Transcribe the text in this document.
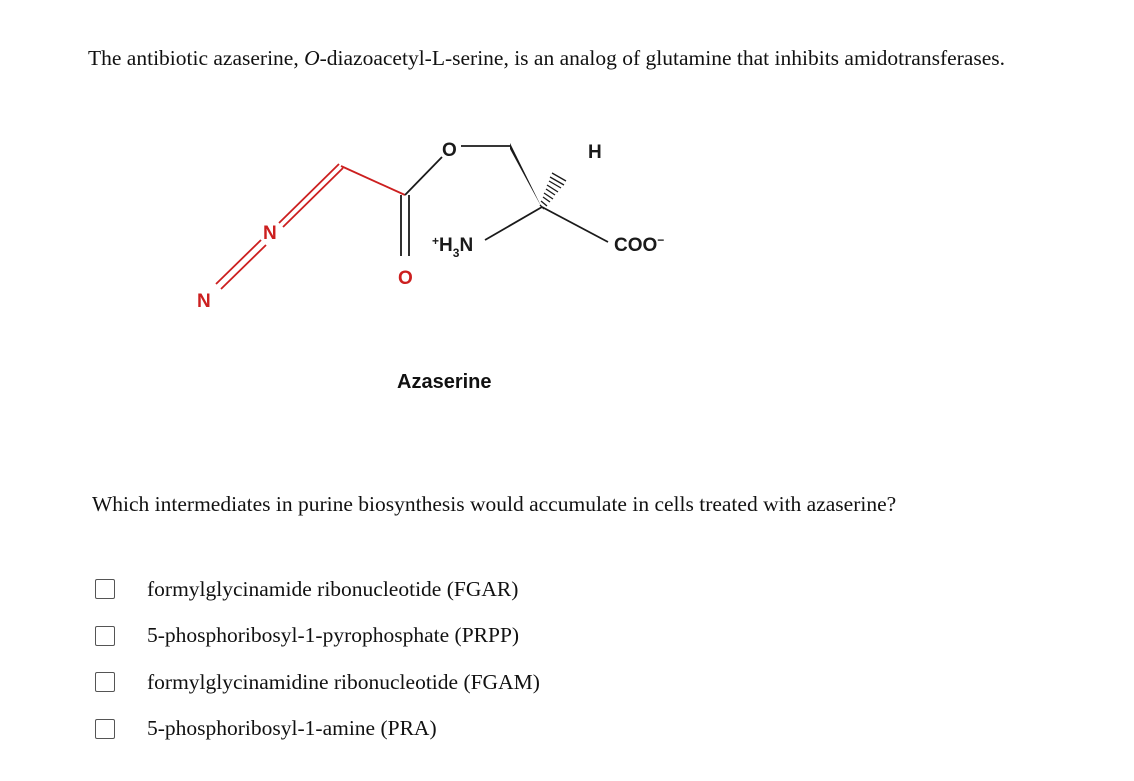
The antibiotic azaserine, O-diazoacetyl-L-serine, is an analog of glutamine that inhibits amidotransferases.
N
N
O
O	H
$^+H_3N$	COO−
Azaserine
Which intermediates in purine biosynthesis would accumulate in cells treated with azaserine?
formylglycinamide ribonucleotide (FGAR)
5-phosphoribosyl-1-pyrophosphate (PRPP)
formylglycinamidine ribonucleotide (FGAM)
5-phosphoribosyl-1-amine (PRA)
